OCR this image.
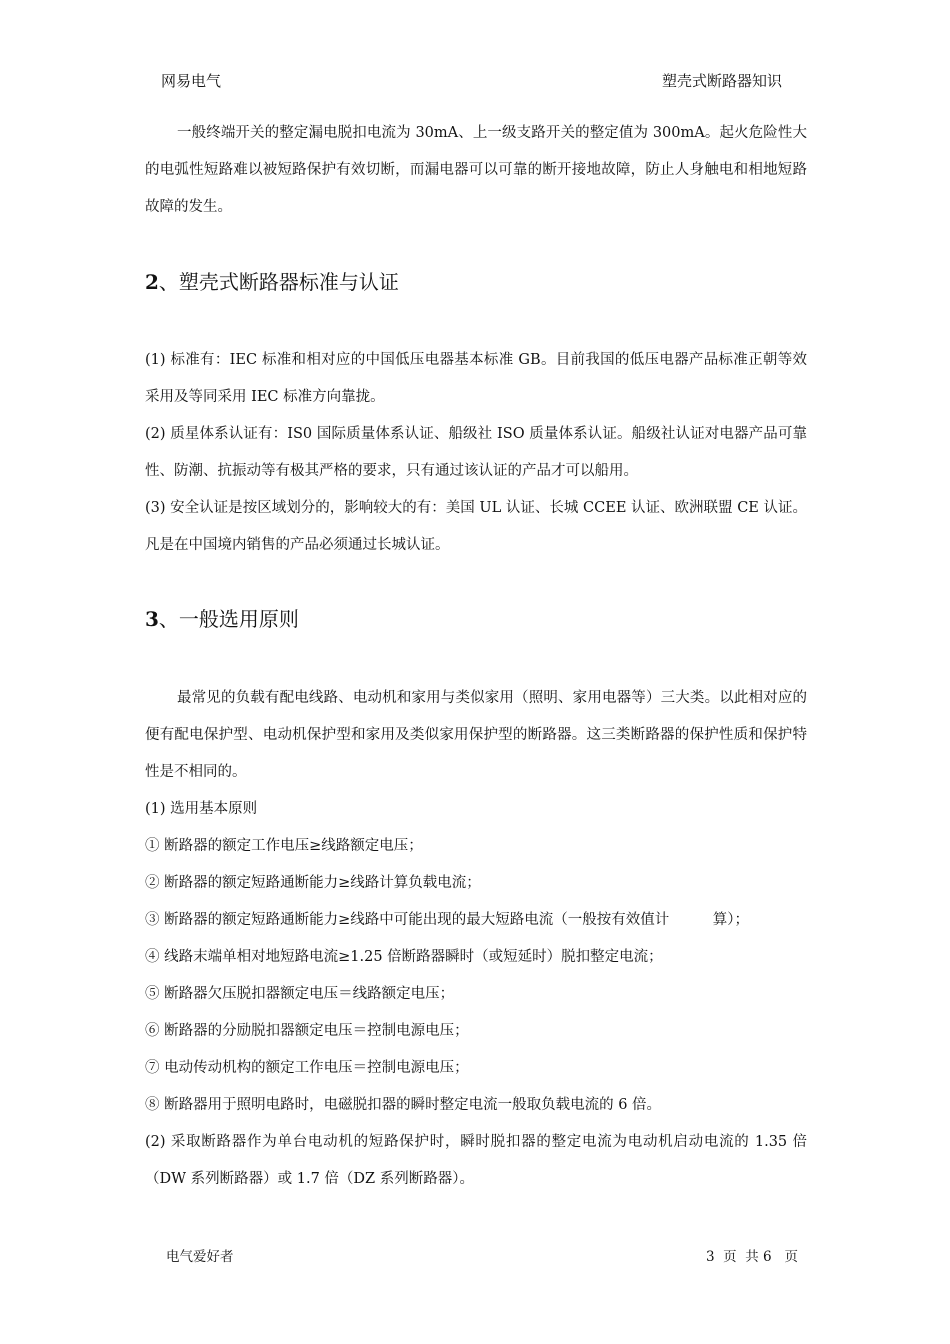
网易电气	塑壳式断路器知识

一般终端开关的整定漏电脱扣电流为 30mA、上一级支路开关的整定值为 300mA。起火危险性大的电弧性短路难以被短路保护有效切断，而漏电器可以可靠的断开接地故障，防止人身触电和相地短路故障的发生。

2、塑壳式断路器标准与认证

(1) 标准有：IEC 标准和相对应的中国低压电器基本标准 GB。目前我国的低压电器产品标准正朝等效采用及等同采用 IEC 标准方向靠拢。

(2) 质星体系认证有：IS0 国际质量体系认证、船级社 ISO 质量体系认证。船级社认证对电器产品可靠性、防潮、抗振动等有极其严格的要求，只有通过该认证的产品才可以船用。

(3) 安全认证是按区域划分的，影响较大的有：美国 UL 认证、长城 CCEE 认证、欧洲联盟 CE 认证。凡是在中国境内销售的产品必须通过长城认证。

3、一般选用原则

最常见的负载有配电线路、电动机和家用与类似家用（照明、家用电器等）三大类。以此相对应的便有配电保护型、电动机保护型和家用及类似家用保护型的断路器。这三类断路器的保护性质和保护特性是不相同的。

(1) 选用基本原则

① 断路器的额定工作电压≥线路额定电压；

② 断路器的额定短路通断能力≥线路计算负载电流；

③ 断路器的额定短路通断能力≥线路中可能出现的最大短路电流（一般按有效值计　　　算）；

④ 线路末端单相对地短路电流≥1.25 倍断路器瞬时（或短延时）脱扣整定电流；

⑤ 断路器欠压脱扣器额定电压＝线路额定电压；

⑥ 断路器的分励脱扣器额定电压＝控制电源电压；

⑦ 电动传动机构的额定工作电压＝控制电源电压；

⑧ 断路器用于照明电路时，电磁脱扣器的瞬时整定电流一般取负载电流的 6 倍。

(2) 采取断路器作为单台电动机的短路保护时，瞬时脱扣器的整定电流为电动机启动电流的 1.35 倍（DW 系列断路器）或 1.7 倍（DZ 系列断路器）。

电气爱好者	3  页  共 6   页
